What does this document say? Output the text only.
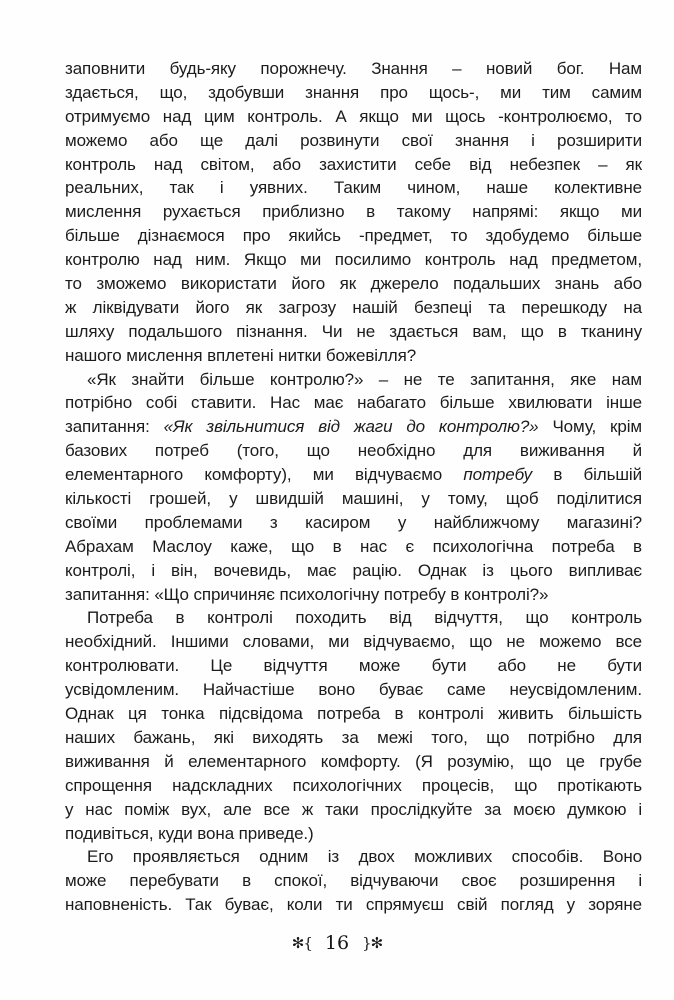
заповнити будь-яку порожнечу. Знання – новий бог. Нам
здається, що, здобувши знання про щось-, ми тим самим
отримуємо над цим контроль. А якщо ми щось -контролюємо, то
можемо або ще далі розвинути свої знання і розширити
контроль над світом, або захистити себе від небезпек – як
реальних, так і уявних. Таким чином, наше колективне
мислення рухається приблизно в такому напрямі: якщо ми
більше дізнаємося про якийсь -предмет, то здобудемо більше
контролю над ним. Якщо ми посилимо контроль над предметом,
то зможемо використати його як джерело подальших знань або
ж ліквідувати його як загрозу нашій безпеці та перешкоду на
шляху подальшого пізнання. Чи не здається вам, що в тканину
нашого мислення вплетені нитки божевілля?
«Як знайти більше контролю?» – не те запитання, яке нам
потрібно собі ставити. Нас має набагато більше хвилювати інше
запитання: «Як звільнитися від жаги до контролю?» Чому, крім
базових потреб (того, що необхідно для виживання й
елементарного комфорту), ми відчуваємо потребу в більшій
кількості грошей, у швидшій машині, у тому, щоб поділитися
своїми проблемами з касиром у найближчому магазині?
Абрахам Маслоу каже, що в нас є психологічна потреба в
контролі, і він, вочевидь, має рацію. Однак із цього випливає
запитання: «Що спричиняє психологічну потребу в контролі?»
Потреба в контролі походить від відчуття, що контроль
необхідний. Іншими словами, ми відчуваємо, що не можемо все
контролювати. Це відчуття може бути або не бути
усвідомленим. Найчастіше воно буває саме неусвідомленим.
Однак ця тонка підсвідома потреба в контролі живить більшість
наших бажань, які виходять за межі того, що потрібно для
виживання й елементарного комфорту. (Я розумію, що це грубе
спрощення надскладних психологічних процесів, що протікають
у нас поміж вух, але все ж таки прослідкуйте за моєю думкою і
подивіться, куди вона приведе.)
Его проявляється одним із двох можливих способів. Воно
може перебувати в спокої, відчуваючи своє розширення і
наповненість. Так буває, коли ти спрямуєш свій погляд у зоряне
✻{ 16 }✻
